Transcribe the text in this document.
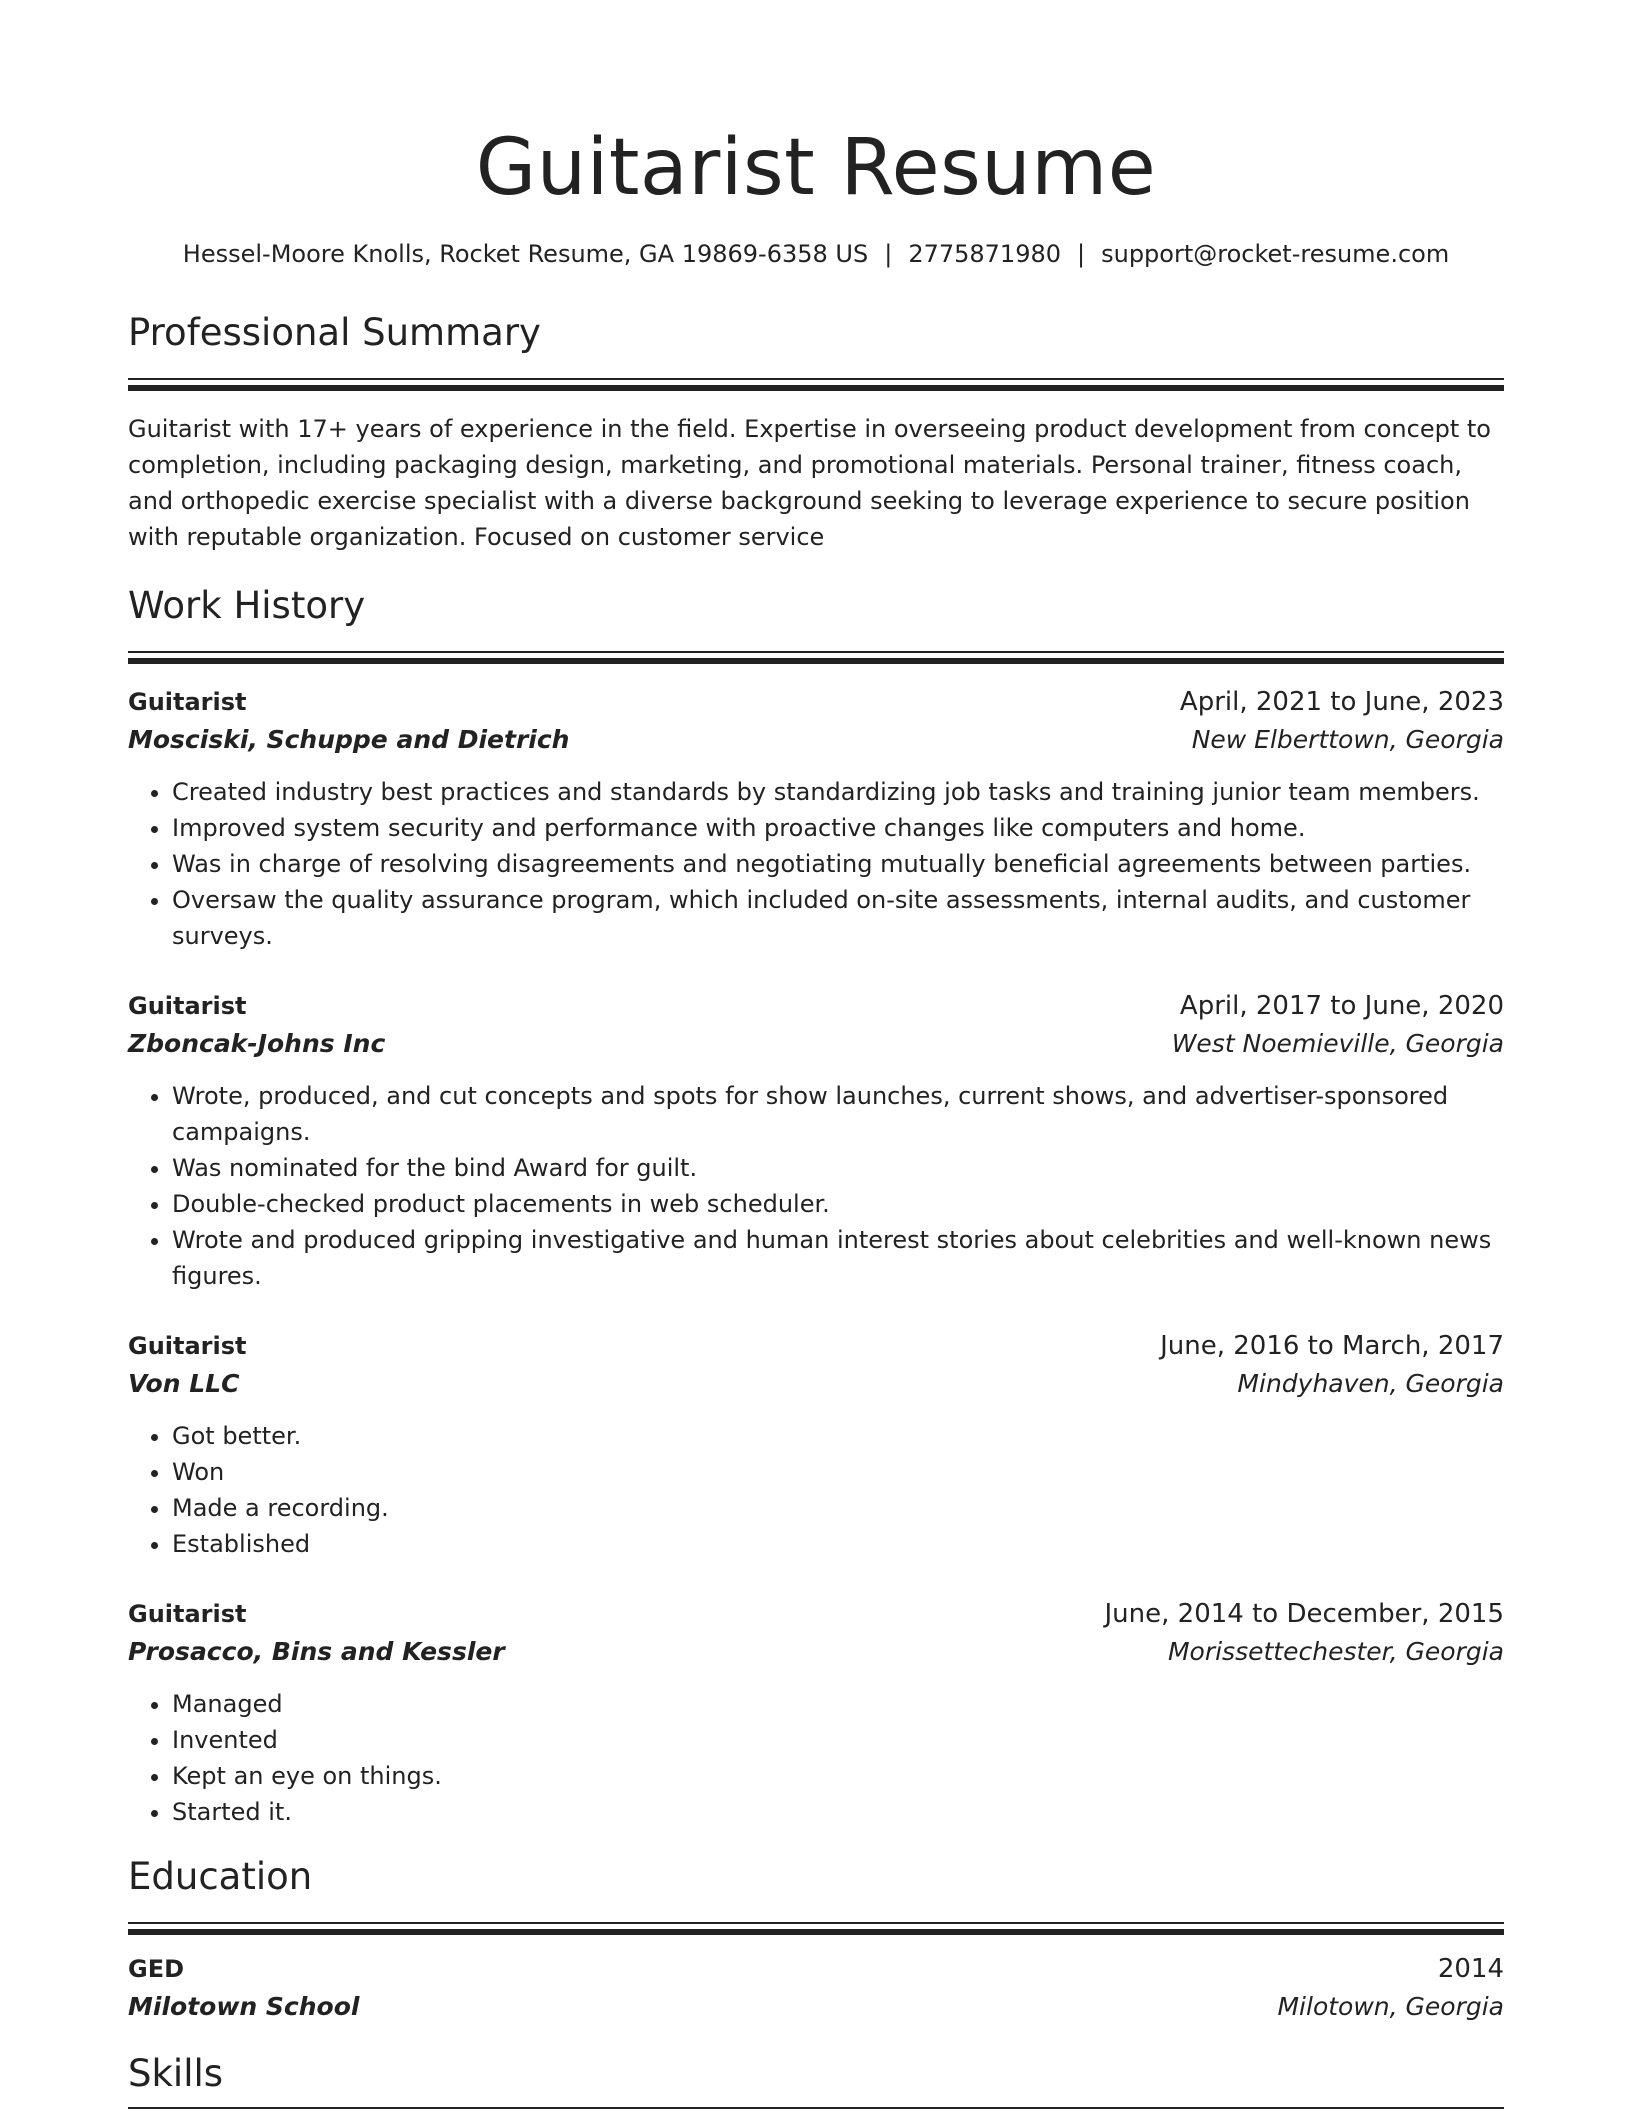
Guitarist Resume
Hessel-Moore Knolls, Rocket Resume, GA 19869-6358 US | 2775871980 | support@rocket-resume.com
Professional Summary
Guitarist with 17+ years of experience in the field. Expertise in overseeing product development from concept to completion, including packaging design, marketing, and promotional materials. Personal trainer, fitness coach, and orthopedic exercise specialist with a diverse background seeking to leverage experience to secure position with reputable organization. Focused on customer service
Work History
Guitarist	April, 2021 to June, 2023
Mosciski, Schuppe and Dietrich	New Elberttown, Georgia
• Created industry best practices and standards by standardizing job tasks and training junior team members.
• Improved system security and performance with proactive changes like computers and home.
• Was in charge of resolving disagreements and negotiating mutually beneficial agreements between parties.
• Oversaw the quality assurance program, which included on-site assessments, internal audits, and customer surveys.
Guitarist	April, 2017 to June, 2020
Zboncak-Johns Inc	West Noemieville, Georgia
• Wrote, produced, and cut concepts and spots for show launches, current shows, and advertiser-sponsored campaigns.
• Was nominated for the bind Award for guilt.
• Double-checked product placements in web scheduler.
• Wrote and produced gripping investigative and human interest stories about celebrities and well-known news figures.
Guitarist	June, 2016 to March, 2017
Von LLC	Mindyhaven, Georgia
• Got better.
• Won
• Made a recording.
• Established
Guitarist	June, 2014 to December, 2015
Prosacco, Bins and Kessler	Morissettechester, Georgia
• Managed
• Invented
• Kept an eye on things.
• Started it.
Education
GED	2014
Milotown School	Milotown, Georgia
Skills
